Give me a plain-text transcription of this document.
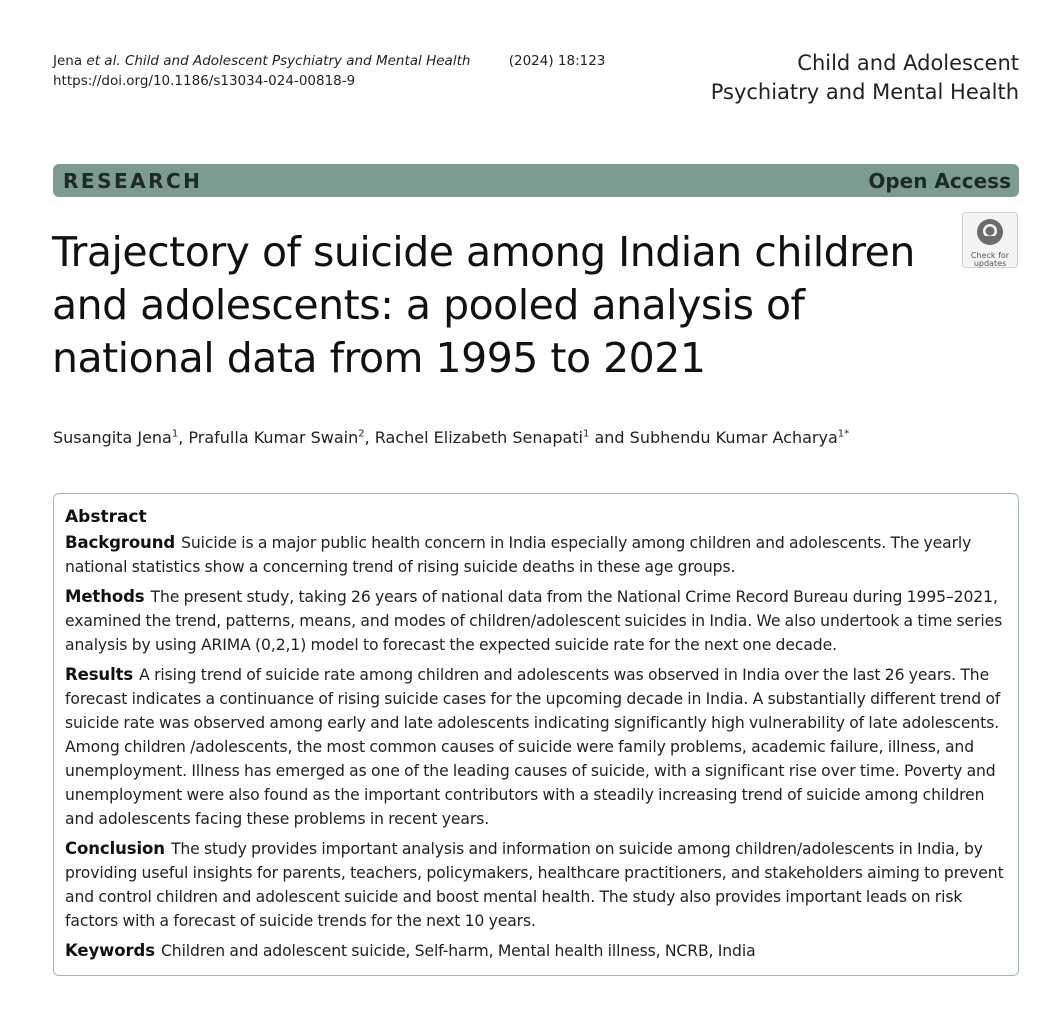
Jena et al. Child and Adolescent Psychiatry and Mental Health	(2024) 18:123
https://doi.org/10.1186/s13034-024-00818-9
Child and Adolescent
Psychiatry and Mental Health
RESEARCH	Open Access
Check for
updates
Trajectory of suicide among Indian children and adolescents: a pooled analysis of national data from 1995 to 2021
Susangita Jena$^1$, Prafulla Kumar Swain$^2$, Rachel Elizabeth Senapati$^1$ and Subhendu Kumar Acharya$^{1*}$
Abstract

Background Suicide is a major public health concern in India especially among children and adolescents. The yearly national statistics show a concerning trend of rising suicide deaths in these age groups.

Methods The present study, taking 26 years of national data from the National Crime Record Bureau during 1995–2021, examined the trend, patterns, means, and modes of children/adolescent suicides in India. We also undertook a time series analysis by using ARIMA (0,2,1) model to forecast the expected suicide rate for the next one decade.

Results A rising trend of suicide rate among children and adolescents was observed in India over the last 26 years. The forecast indicates a continuance of rising suicide cases for the upcoming decade in India. A substantially different trend of suicide rate was observed among early and late adolescents indicating significantly high vulnerability of late adolescents. Among children /adolescents, the most common causes of suicide were family problems, academic failure, illness, and unemployment. Illness has emerged as one of the leading causes of suicide, with a significant rise over time. Poverty and unemployment were also found as the important contributors with a steadily increasing trend of suicide among children and adolescents facing these problems in recent years.

Conclusion The study provides important analysis and information on suicide among children/adolescents in India, by providing useful insights for parents, teachers, policymakers, healthcare practitioners, and stakeholders aiming to prevent and control children and adolescent suicide and boost mental health. The study also provides important leads on risk factors with a forecast of suicide trends for the next 10 years.

Keywords Children and adolescent suicide, Self-harm, Mental health illness, NCRB, India
